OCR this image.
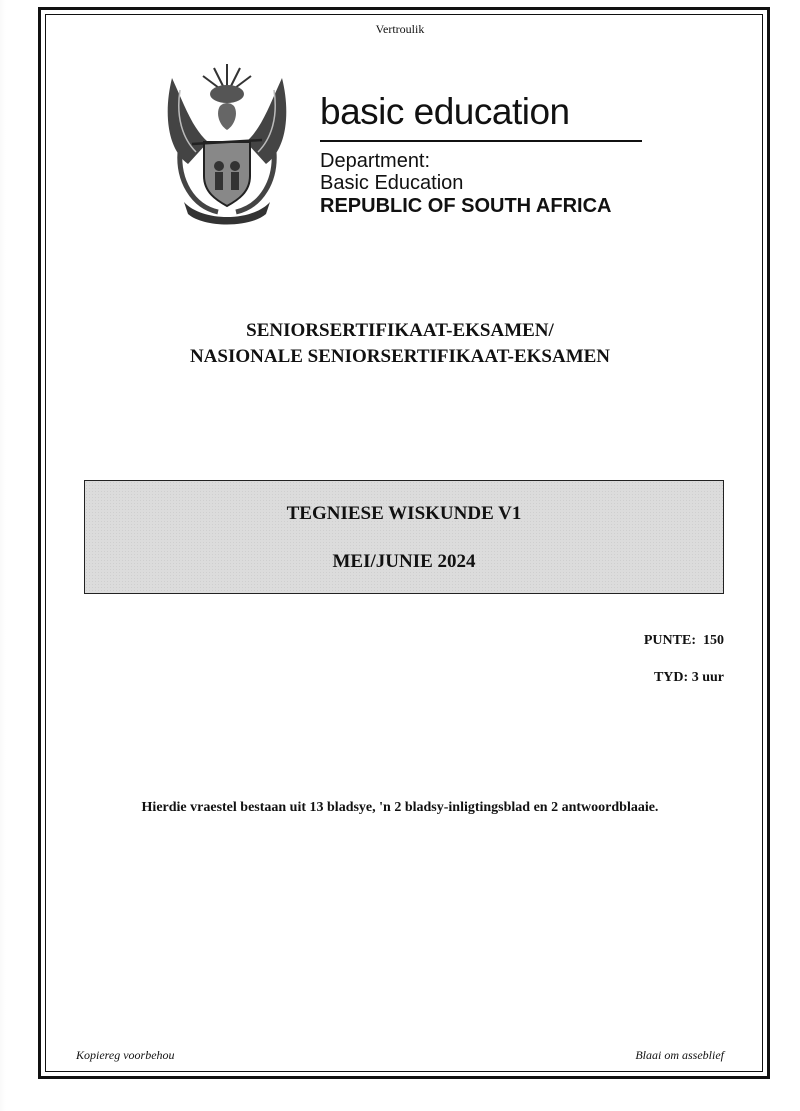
Vertroulik
basic education
Department:
Basic Education
REPUBLIC OF SOUTH AFRICA
SENIORSERTIFIKAAT-EKSAMEN/
NASIONALE SENIORSERTIFIKAAT-EKSAMEN
TEGNIESE WISKUNDE V1
MEI/JUNIE 2024
PUNTE: 150
TYD: 3 uur
Hierdie vraestel bestaan uit 13 bladsye, 'n 2 bladsy-inligtingsblad en 2 antwoordblaaie.
Kopiereg voorbehou	Blaai om asseblief
